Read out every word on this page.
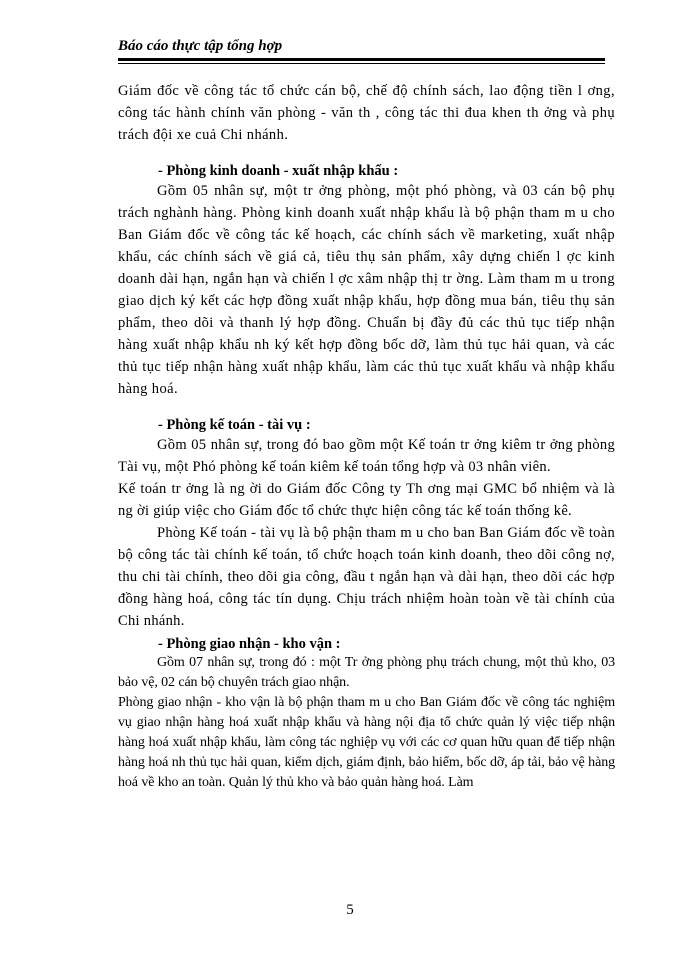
Báo cáo thực tập tổng hợp

Giám đốc về công tác tổ chức cán bộ, chế độ chính sách, lao động tiền l ơng, công tác hành chính văn phòng - văn th , công tác thi đua khen th ởng và phụ trách đội xe cuả Chi nhánh.

- Phòng kinh doanh - xuất nhập khẩu :

Gồm 05 nhân sự, một tr ởng phòng, một phó phòng, và 03 cán bộ phụ trách nghành hàng. Phòng kinh doanh xuất nhập khẩu là bộ phận tham m u cho Ban Giám đốc về công tác kế hoạch, các chính sách về marketing, xuất nhập khẩu, các chính sách về giá cả, tiêu thụ sản phẩm, xây dựng chiến l ợc kinh doanh dài hạn, ngắn hạn và chiến l ợc xâm nhập thị tr ờng. Làm tham m u trong giao dịch ký kết các hợp đồng xuất nhập khẩu, hợp đồng mua bán, tiêu thụ sản phẩm, theo dõi và thanh lý hợp đồng. Chuẩn bị đầy đủ các thủ tục tiếp nhận hàng xuất nhập khẩu nh ký kết hợp đồng bốc dỡ, làm thủ tục hải quan, và các thủ tục tiếp nhận hàng xuất nhập khẩu, làm các thủ tục xuất khẩu và nhập khẩu hàng hoá.

- Phòng kế toán - tài vụ :

Gồm 05 nhân sự, trong đó bao gồm một Kế toán tr ởng kiêm tr ởng phòng Tài vụ, một Phó phòng kế toán kiêm kế toán tổng hợp và 03 nhân viên.

Kế toán tr ởng là ng ời do Giám đốc Công ty Th ơng mại GMC bổ nhiệm và là ng ời giúp việc cho Giám đốc tổ chức thực hiện công tác kế toán thống kê.

Phòng Kế toán - tài vụ là bộ phận tham m u cho ban Ban Giám đốc về toàn bộ công tác tài chính kế toán, tổ chức hoạch toán kinh doanh, theo dõi công nợ, thu chi tài chính, theo dõi gia công, đầu t ngắn hạn và dài hạn, theo dõi các hợp đồng hàng hoá, công tác tín dụng. Chịu trách nhiệm hoàn toàn về tài chính của Chi nhánh.

- Phòng giao nhận - kho vận :

Gồm 07 nhân sự, trong đó : một Tr ởng phòng phụ trách chung, một thủ kho, 03 bảo vệ, 02 cán bộ chuyên trách giao nhận.

Phòng giao nhận - kho vận là bộ phận tham m u cho Ban Giám đốc về công tác nghiệm vụ giao nhận hàng hoá xuất nhập khẩu và hàng nội địa tổ chức quản lý việc tiếp nhận hàng hoá xuất nhập khẩu, làm công tác nghiệp vụ với các cơ quan hữu quan để tiếp nhận hàng hoá nh thủ tục hải quan, kiểm dịch, giám định, bảo hiểm, bốc dỡ, áp tải, bảo vệ hàng hoá về kho an toàn. Quản lý thủ kho và bảo quản hàng hoá. Làm

5
